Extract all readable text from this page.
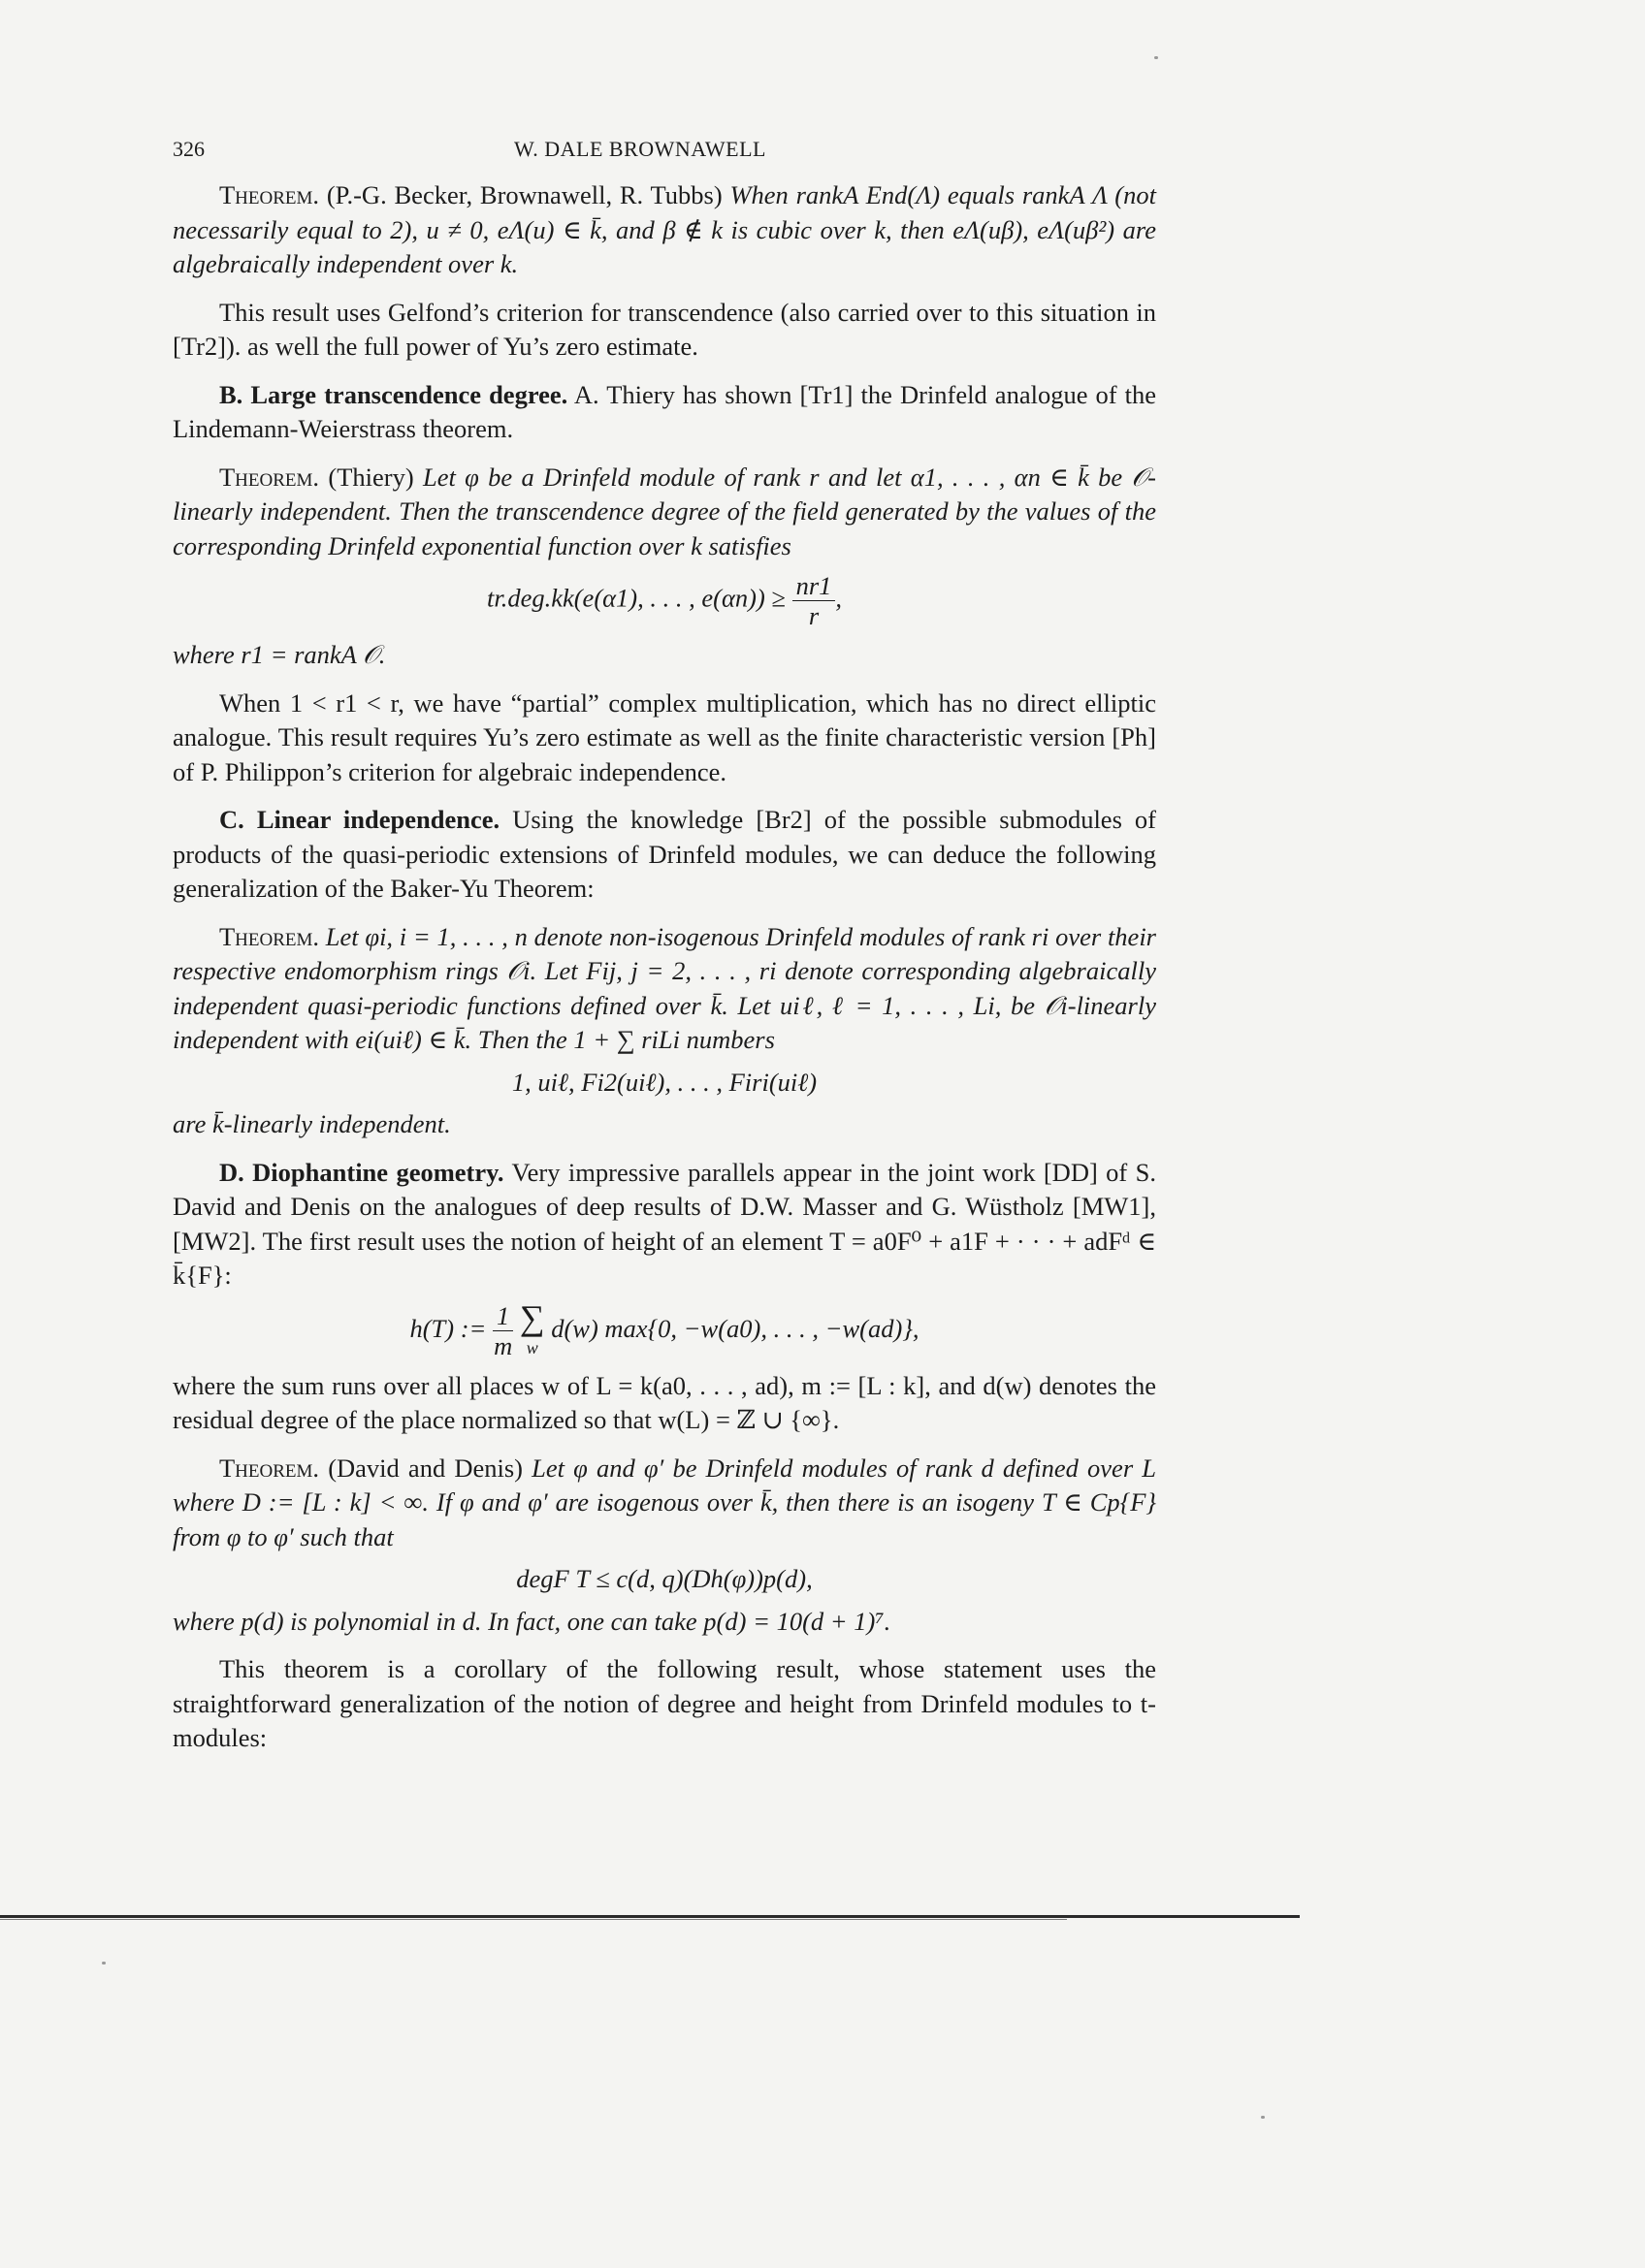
326	W. DALE BROWNAWELL

Theorem. (P.-G. Becker, Brownawell, R. Tubbs) When rankA End(Λ) equals rankA Λ (not necessarily equal to 2), u ≠ 0, eΛ(u) ∈ k̄, and β ∉ k is cubic over k, then eΛ(uβ), eΛ(uβ²) are algebraically independent over k.

This result uses Gelfond’s criterion for transcendence (also carried over to this situation in [Tr2]). as well the full power of Yu’s zero estimate.

B. Large transcendence degree. A. Thiery has shown [Tr1] the Drinfeld analogue of the Lindemann-Weierstrass theorem.

Theorem. (Thiery) Let φ be a Drinfeld module of rank r and let α1, . . . , αn ∈ k̄ be 𝒪-linearly independent. Then the transcendence degree of the field generated by the values of the corresponding Drinfeld exponential function over k satisfies

tr.deg.kk(e(α1), . . . , $e(\alpha n)) \ge \frac{nr1}{r}$ ,

where r1 = rankA 𝒪.

When 1 < r1 < r, we have “partial” complex multiplication, which has no direct elliptic analogue. This result requires Yu’s zero estimate as well as the finite characteristic version [Ph] of P. Philippon’s criterion for algebraic independence.

C. Linear independence. Using the knowledge [Br2] of the possible submodules of products of the quasi-periodic extensions of Drinfeld modules, we can deduce the following generalization of the Baker-Yu Theorem:

Theorem. Let φi, i = 1, . . . , n denote non-isogenous Drinfeld modules of rank ri over their respective endomorphism rings 𝒪i. Let Fij, j = 2, . . . , ri denote corresponding algebraically independent quasi-periodic functions defined over k̄. Let uiℓ, ℓ = 1, . . . , Li, be 𝒪i-linearly independent with ei(uiℓ) ∈ k̄. Then the 1 + ∑ riLi numbers

1, uiℓ, Fi2(uiℓ), . . . , Firi(uiℓ)

are k̄-linearly independent.

D. Diophantine geometry. Very impressive parallels appear in the joint work [DD] of S. David and Denis on the analogues of deep results of D.W. Masser and G. Wüstholz [MW1], [MW2]. The first result uses the notion of height of an element T = a0F⁰ + a1F + · · · + adFᵈ ∈ k̄{F}:

h(T) := $\frac{1}{m}$
∑
w
d(w) max{0, −w(a0), . . . , −w(ad)},

where the sum runs over all places w of L = k(a0, . . . , ad), m := [L : k], and d(w) denotes the residual degree of the place normalized so that w(L) = ℤ ∪ {∞}.

Theorem. (David and Denis) Let φ and φ′ be Drinfeld modules of rank d defined over L where D := [L : k] < ∞. If φ and φ′ are isogenous over k̄, then there is an isogeny T ∈ Cp{F} from φ to φ′ such that

degF T ≤ c(d, q)(Dh(φ))p(d),

where p(d) is polynomial in d. In fact, one can take p(d) = 10(d + 1)⁷.

This theorem is a corollary of the following result, whose statement uses the straightforward generalization of the notion of degree and height from Drinfeld modules to t-modules:
